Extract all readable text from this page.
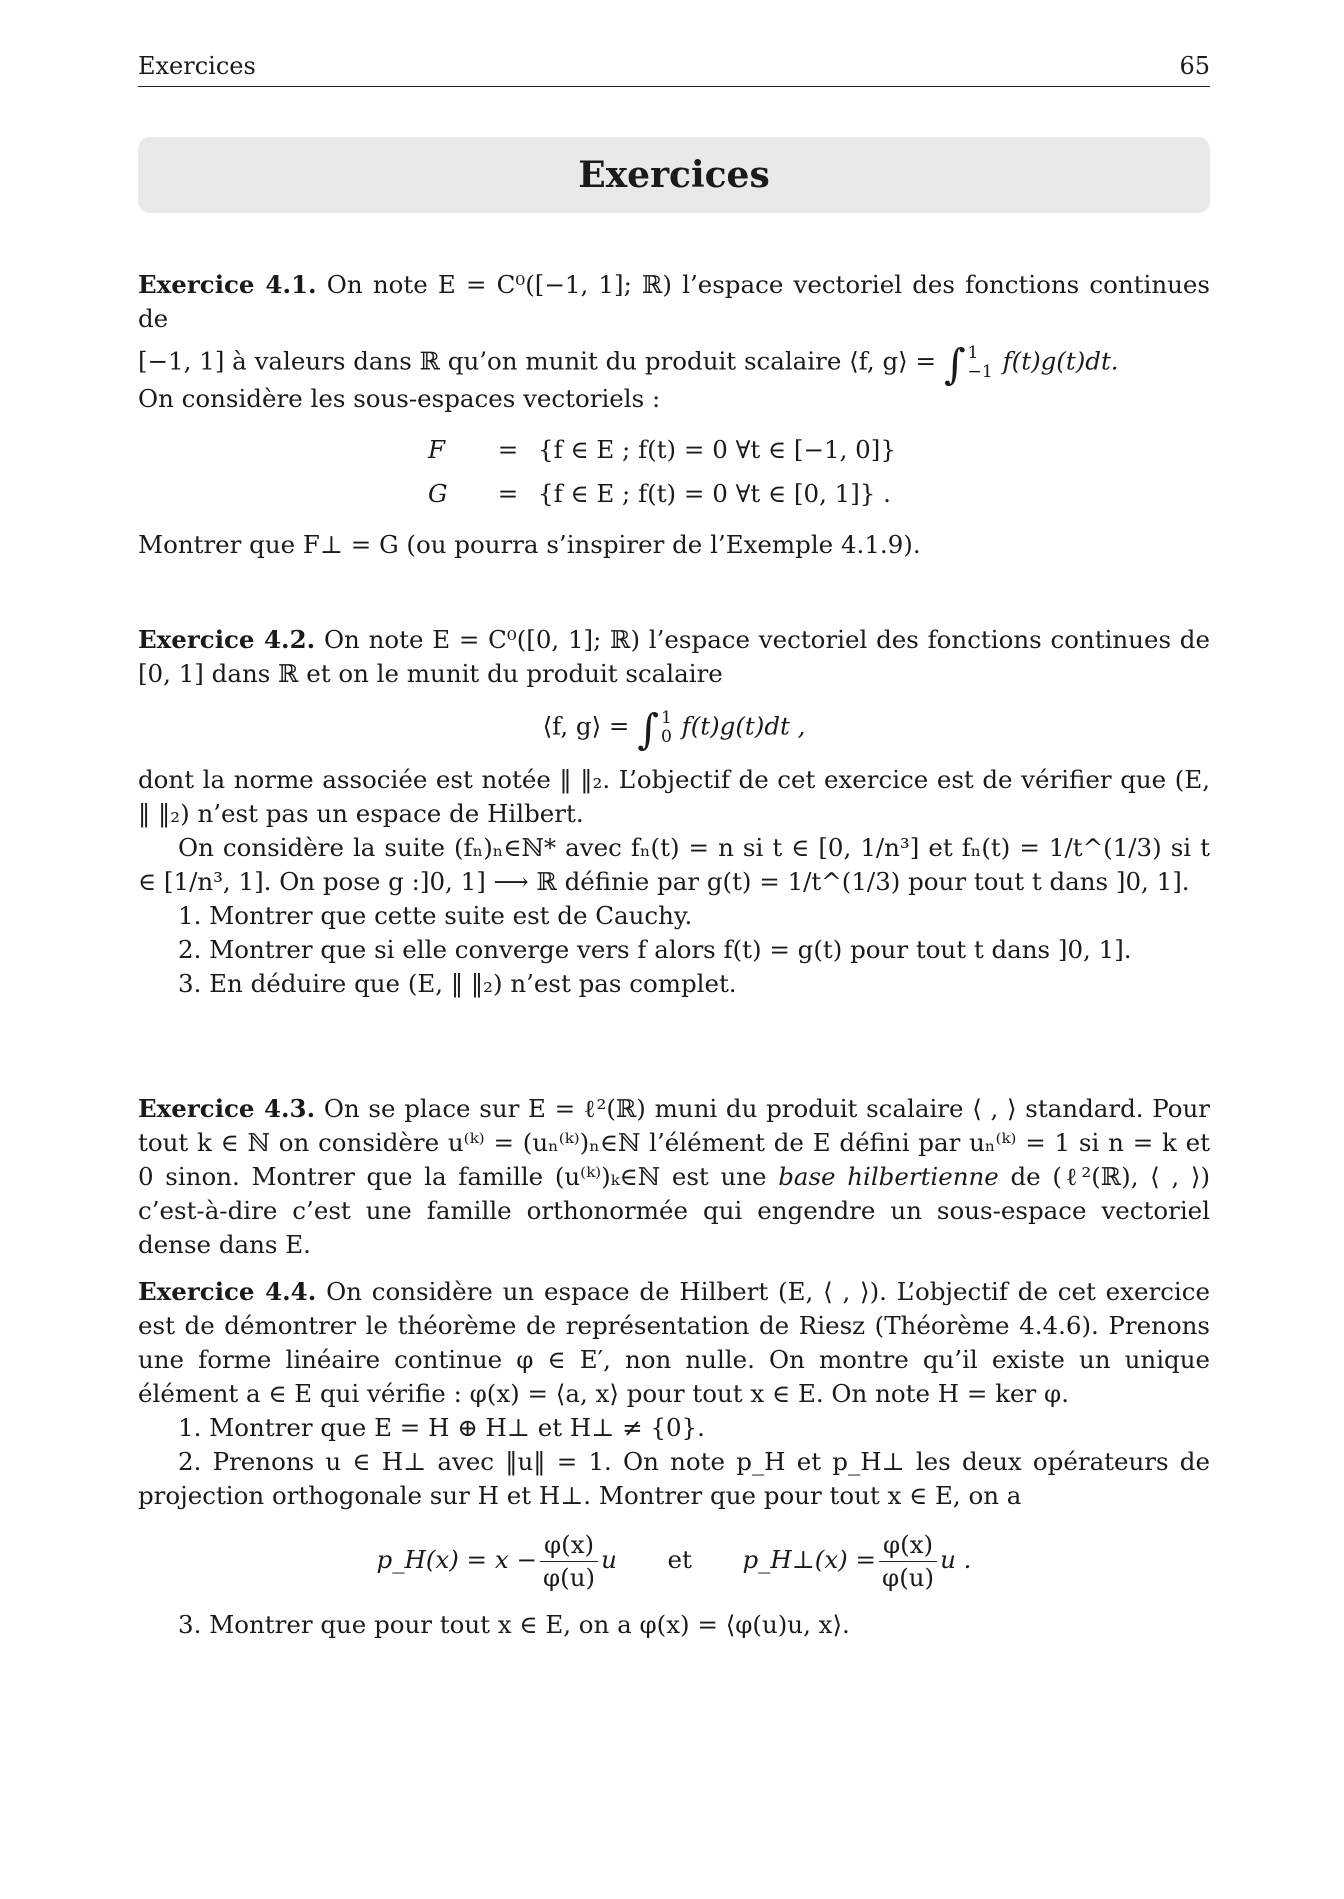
Exercices	65
Exercices

Exercice 4.1. On note E = C⁰([−1, 1]; ℝ) l’espace vectoriel des fonctions continues de

[−1, 1] à valeurs dans ℝ qu’on munit du produit scalaire ⟨f, g⟩ = ∫ 1
−1 f(t)g(t)dt.

On considère les sous-espaces vectoriels :

F = {f ∈ E ; f(t) = 0 ∀t ∈ [−1, 0]}
G = {f ∈ E ; f(t) = 0 ∀t ∈ [0, 1]} .

Montrer que F⊥ = G (ou pourra s’inspirer de l’Exemple 4.1.9).

Exercice 4.2. On note E = C⁰([0, 1]; ℝ) l’espace vectoriel des fonctions continues de [0, 1] dans ℝ et on le munit du produit scalaire

⟨f, g⟩ = ∫ 1
0 f(t)g(t)dt ,

dont la norme associée est notée ‖ ‖₂. L’objectif de cet exercice est de vérifier que (E, ‖ ‖₂) n’est pas un espace de Hilbert.

On considère la suite (fₙ)ₙ∈ℕ* avec fₙ(t) = n si t ∈ [0, 1/n³] et fₙ(t) = 1/t^(1/3) si t ∈ [1/n³, 1]. On pose g :]0, 1] ⟶ ℝ définie par g(t) = 1/t^(1/3) pour tout t dans ]0, 1].

1. Montrer que cette suite est de Cauchy.

2. Montrer que si elle converge vers f alors f(t) = g(t) pour tout t dans ]0, 1].

3. En déduire que (E, ‖ ‖₂) n’est pas complet.

Exercice 4.3. On se place sur E = ℓ²(ℝ) muni du produit scalaire ⟨ , ⟩ standard. Pour tout k ∈ ℕ on considère u⁽ᵏ⁾ = (uₙ⁽ᵏ⁾)ₙ∈ℕ l’élément de E défini par uₙ⁽ᵏ⁾ = 1 si n = k et 0 sinon. Montrer que la famille (u⁽ᵏ⁾)ₖ∈ℕ est une base hilbertienne de (ℓ²(ℝ), ⟨ , ⟩) c’est-à-dire c’est une famille orthonormée qui engendre un sous-espace vectoriel dense dans E.

Exercice 4.4. On considère un espace de Hilbert (E, ⟨ , ⟩). L’objectif de cet exercice est de démontrer le théorème de représentation de Riesz (Théorème 4.4.6). Prenons une forme linéaire continue φ ∈ E′, non nulle. On montre qu’il existe un unique élément a ∈ E qui vérifie : φ(x) = ⟨a, x⟩ pour tout x ∈ E. On note H = ker φ.

1. Montrer que E = H ⊕ H⊥ et H⊥ ≠ {0}.

2. Prenons u ∈ H⊥ avec ‖u‖ = 1. On note p_H et p_H⊥ les deux opérateurs de projection orthogonale sur H et H⊥. Montrer que pour tout x ∈ E, on a

p_H(x) = $x - \frac{\varphi(x)}{\varphi(u)}$ u et p_H⊥(x) = $\frac{\varphi(x)}{\varphi(u)}$ u .

3. Montrer que pour tout x ∈ E, on a φ(x) = ⟨φ(u)u, x⟩.
